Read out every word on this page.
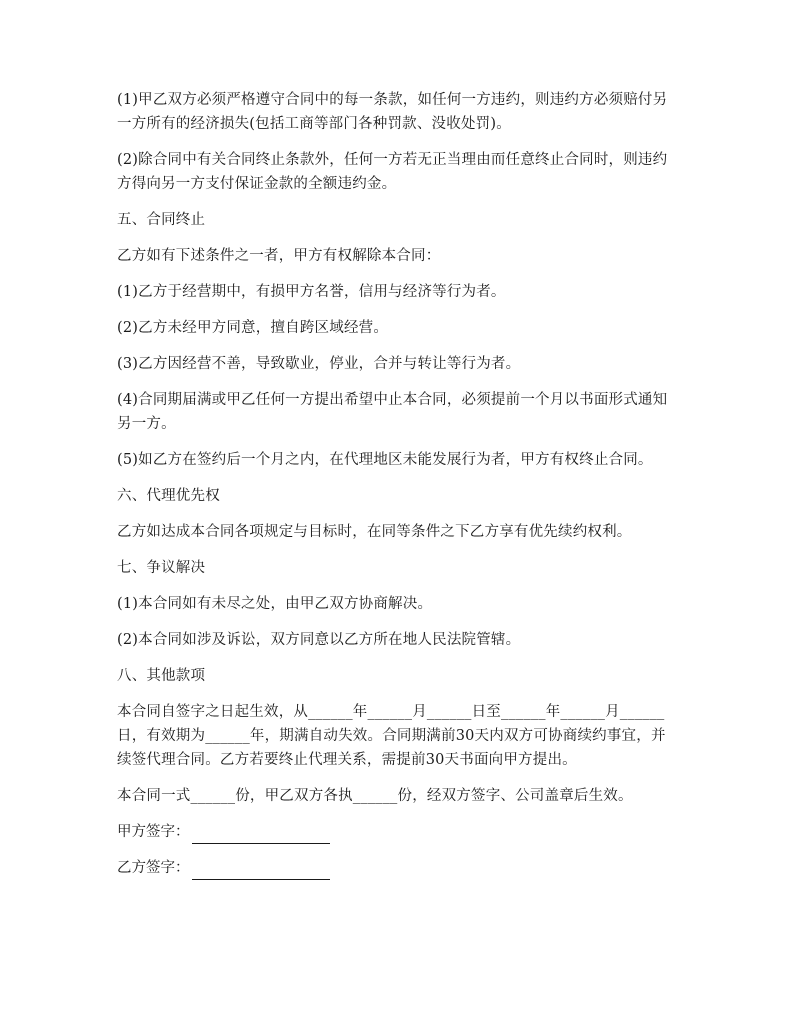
(1)甲乙双方必须严格遵守合同中的每一条款，如任何一方违约，则违约方必须赔付另一方所有的经济损失(包括工商等部门各种罚款、没收处罚)。

(2)除合同中有关合同终止条款外，任何一方若无正当理由而任意终止合同时，则违约方得向另一方支付保证金款的全额违约金。

五、合同终止

乙方如有下述条件之一者，甲方有权解除本合同：

(1)乙方于经营期中，有损甲方名誉，信用与经济等行为者。

(2)乙方未经甲方同意，擅自跨区域经营。

(3)乙方因经营不善，导致歇业，停业，合并与转让等行为者。

(4)合同期届满或甲乙任何一方提出希望中止本合同，必须提前一个月以书面形式通知另一方。

(5)如乙方在签约后一个月之内，在代理地区未能发展行为者，甲方有权终止合同。

六、代理优先权

乙方如达成本合同各项规定与目标时，在同等条件之下乙方享有优先续约权利。

七、争议解决

(1)本合同如有未尽之处，由甲乙双方协商解决。

(2)本合同如涉及诉讼，双方同意以乙方所在地人民法院管辖。

八、其他款项

本合同自签字之日起生效，从______年______月______日至______年______月______日，有效期为______年，期满自动失效。合同期满前30天内双方可协商续约事宜，并续签代理合同。乙方若要终止代理关系，需提前30天书面向甲方提出。

本合同一式______份，甲乙双方各执______份，经双方签字、公司盖章后生效。

甲方签字：
乙方签字：
